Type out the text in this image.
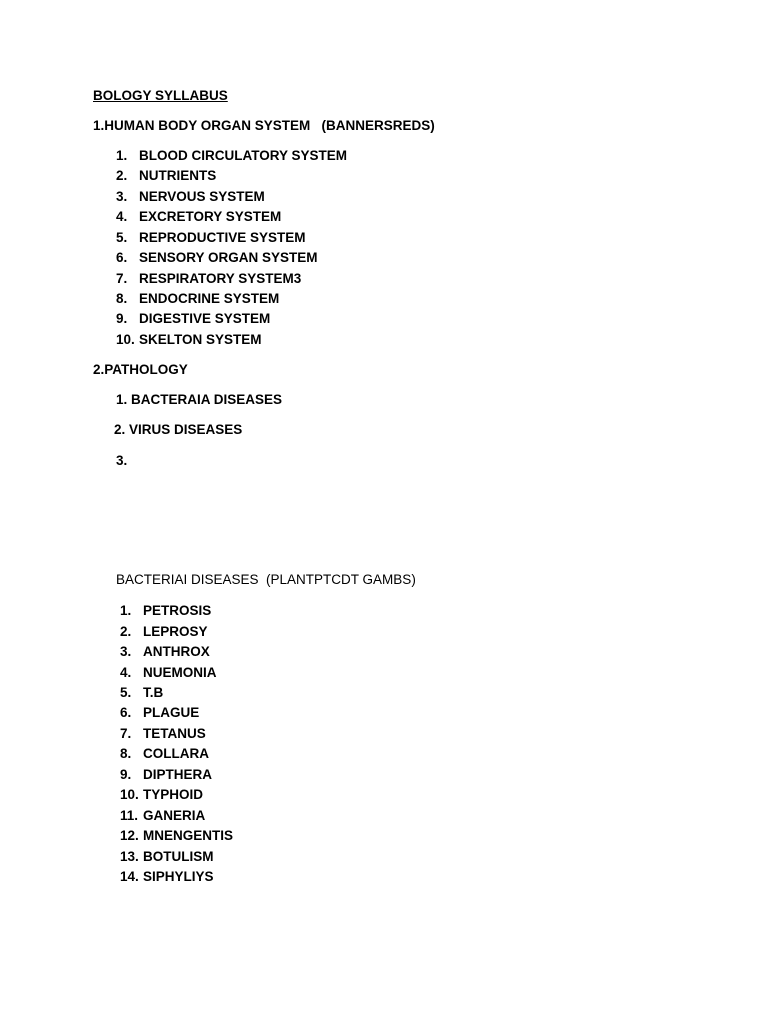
BOLOGY SYLLABUS
1.HUMAN BODY ORGAN SYSTEM   (BANNERSREDS)
1. BLOOD CIRCULATORY SYSTEM
2. NUTRIENTS
3. NERVOUS SYSTEM
4. EXCRETORY SYSTEM
5. REPRODUCTIVE SYSTEM
6. SENSORY ORGAN SYSTEM
7. RESPIRATORY SYSTEM3
8. ENDOCRINE SYSTEM
9. DIGESTIVE SYSTEM
10. SKELTON SYSTEM
2.PATHOLOGY
1. BACTERAIA DISEASES
2. VIRUS DISEASES
3.
BACTERIAI DISEASES  (PLANTPTCDT GAMBS)
1. PETROSIS
2. LEPROSY
3. ANTHROX
4. NUEMONIA
5. T.B
6. PLAGUE
7. TETANUS
8. COLLARA
9. DIPTHERA
10. TYPHOID
11. GANERIA
12. MNENGENTIS
13. BOTULISM
14. SIPHYLIYS
